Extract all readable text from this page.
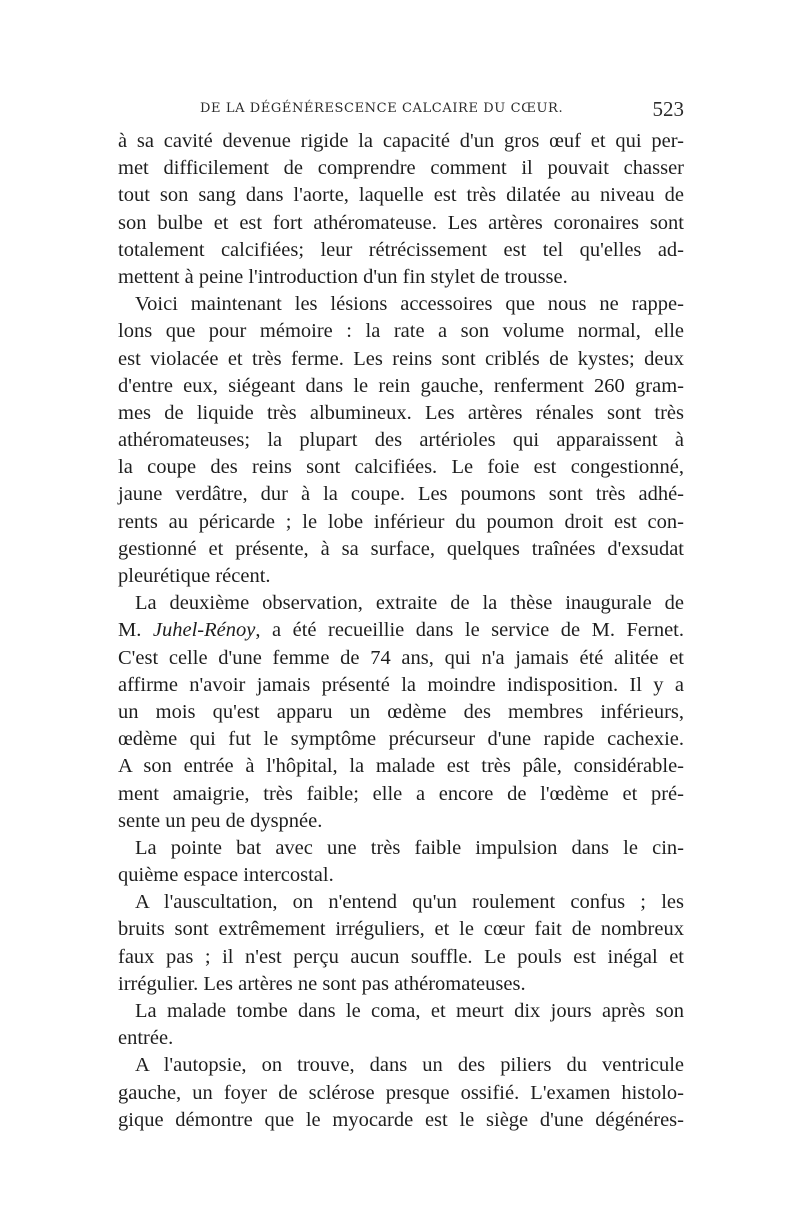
DE LA DÉGÉNÉRESCENCE CALCAIRE DU CŒUR.	523
à sa cavité devenue rigide la capacité d'un gros œuf et qui per-
met difficilement de comprendre comment il pouvait chasser
tout son sang dans l'aorte, laquelle est très dilatée au niveau de
son bulbe et est fort athéromateuse. Les artères coronaires sont
totalement calcifiées; leur rétrécissement est tel qu'elles ad-
mettent à peine l'introduction d'un fin stylet de trousse.
Voici maintenant les lésions accessoires que nous ne rappe-
lons que pour mémoire : la rate a son volume normal, elle
est violacée et très ferme. Les reins sont criblés de kystes; deux
d'entre eux, siégeant dans le rein gauche, renferment 260 gram-
mes de liquide très albumineux. Les artères rénales sont très
athéromateuses; la plupart des artérioles qui apparaissent à
la coupe des reins sont calcifiées. Le foie est congestionné,
jaune verdâtre, dur à la coupe. Les poumons sont très adhé-
rents au péricarde ; le lobe inférieur du poumon droit est con-
gestionné et présente, à sa surface, quelques traînées d'exsudat
pleurétique récent.
La deuxième observation, extraite de la thèse inaugurale de
M. Juhel-Rénoy, a été recueillie dans le service de M. Fernet.
C'est celle d'une femme de 74 ans, qui n'a jamais été alitée et
affirme n'avoir jamais présenté la moindre indisposition. Il y a
un mois qu'est apparu un œdème des membres inférieurs,
œdème qui fut le symptôme précurseur d'une rapide cachexie.
A son entrée à l'hôpital, la malade est très pâle, considérable-
ment amaigrie, très faible; elle a encore de l'œdème et pré-
sente un peu de dyspnée.
La pointe bat avec une très faible impulsion dans le cin-
quième espace intercostal.
A l'auscultation, on n'entend qu'un roulement confus ; les
bruits sont extrêmement irréguliers, et le cœur fait de nombreux
faux pas ; il n'est perçu aucun souffle. Le pouls est inégal et
irrégulier. Les artères ne sont pas athéromateuses.
La malade tombe dans le coma, et meurt dix jours après son
entrée.
A l'autopsie, on trouve, dans un des piliers du ventricule
gauche, un foyer de sclérose presque ossifié. L'examen histolo-
gique démontre que le myocarde est le siège d'une dégénéres-
